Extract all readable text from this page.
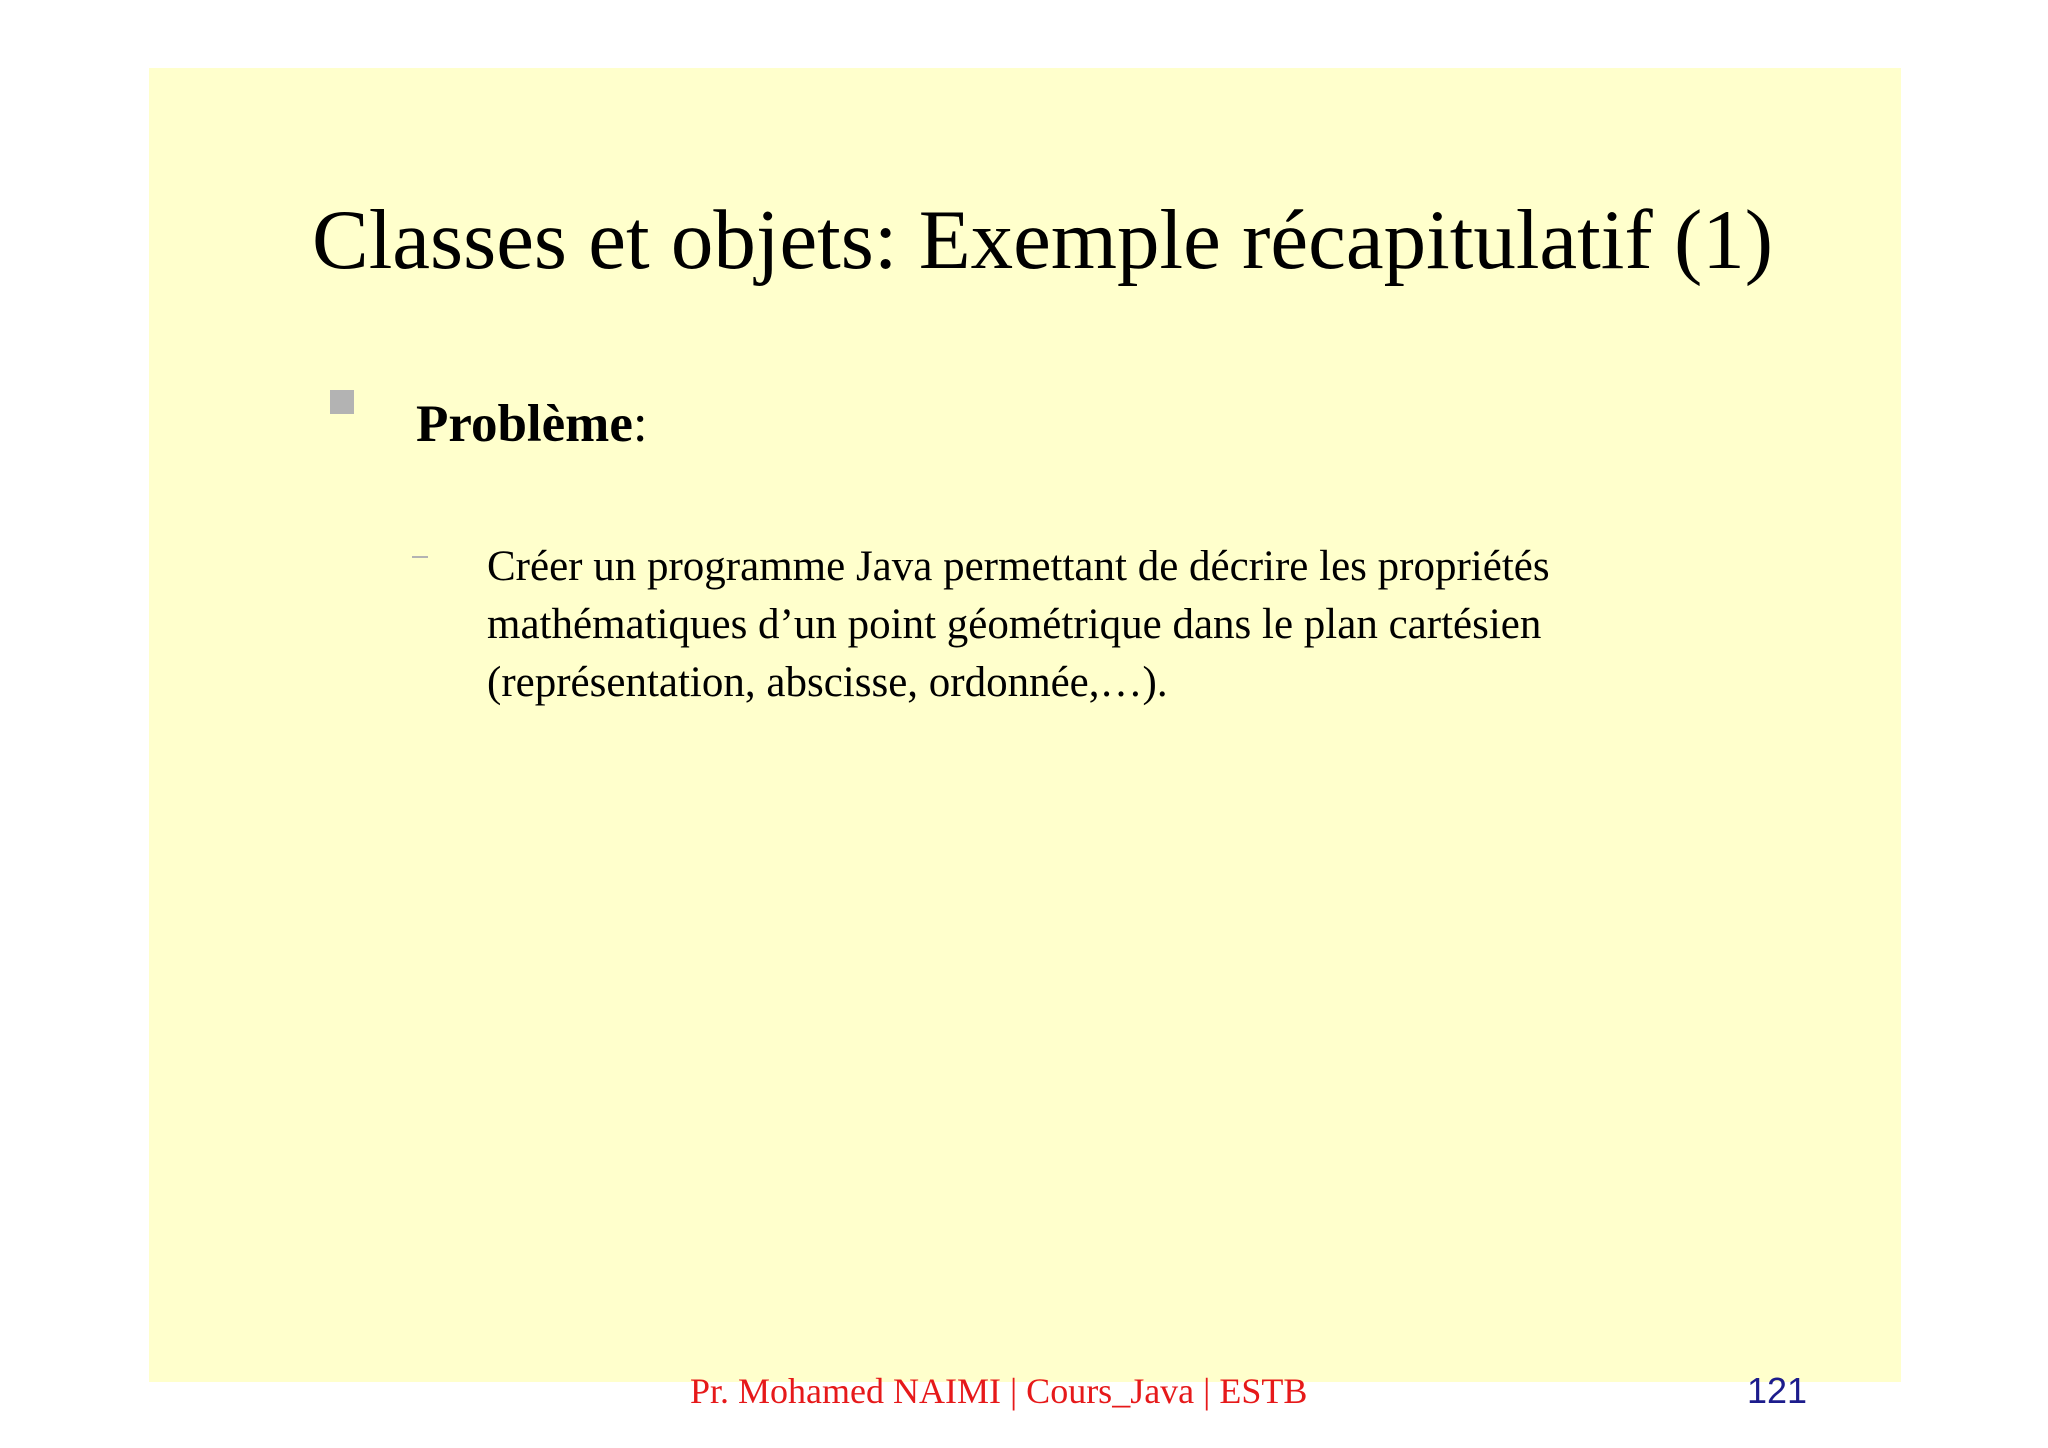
Classes et objets: Exemple récapitulatif (1)

Problème:

Créer un programme Java permettant de décrire les propriétés
mathématiques d’un point géométrique dans le plan cartésien
(représentation, abscisse, ordonnée,…).

Pr. Mohamed NAIMI | Cours_Java | ESTB	121
